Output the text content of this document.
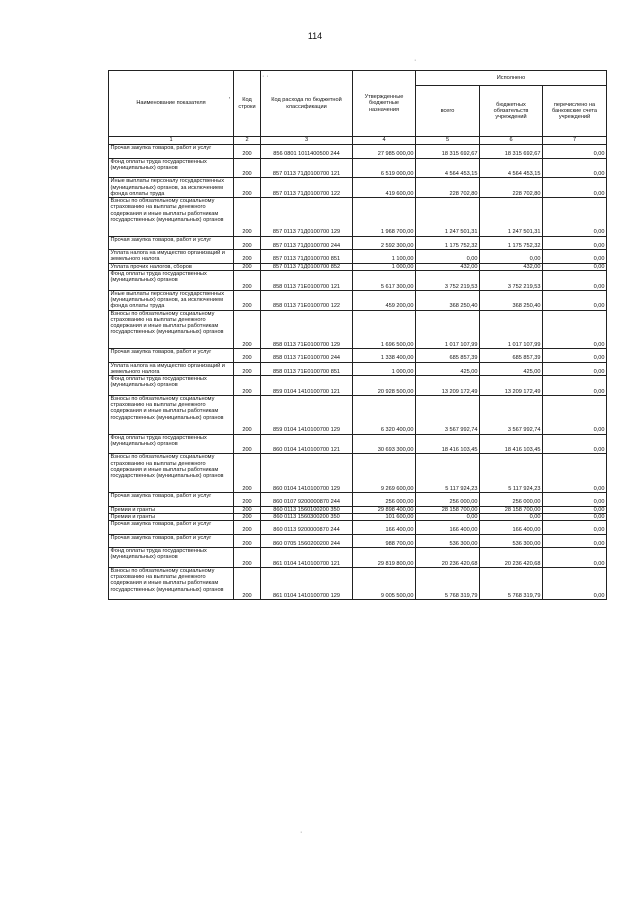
114
Наименование показателя	Код строки	Код расхода по бюджетной классификации	Утвержденные бюджетные назначения	Исполнено		
				всего	бюджетных обязательств учреждений	перечислено на банковские счета учреждений
1	2	3	4	5	6	7
Прочая закупка товаров, работ и услуг	200	856 0801 1011400500 244	27 985 000,00	18 315 692,67	18 315 692,67	0,00
Фонд оплаты труда государственных (муниципальных) органов	200	857 0113 71Д0100700 121	6 519 000,00	4 564 453,15	4 564 453,15	0,00
Иные выплаты персоналу государственных (муниципальных) органов, за исключением фонда оплаты труда	200	857 0113 71Д0100700 122	419 600,00	228 702,80	228 702,80	0,00
Взносы по обязательному социальному страхованию на выплаты денежного содержания и иные выплаты работникам государственных (муниципальных) органов	200	857 0113 71Д0100700 129	1 968 700,00	1 247 501,31	1 247 501,31	0,00
Прочая закупка товаров, работ и услуг	200	857 0113 71Д0100700 244	2 592 300,00	1 175 752,32	1 175 752,32	0,00
Уплата налога на имущество организаций и земельного налога	200	857 0113 71Д0100700 851	1 100,00	0,00	0,00	0,00
Уплата прочих налогов, сборов	200	857 0113 71Д0100700 852	1 000,00	432,00	432,00	0,00
Фонд оплаты труда государственных (муниципальных) органов	200	858 0113 71Е0100700 121	5 617 300,00	3 752 219,53	3 752 219,53	0,00
Иные выплаты персоналу государственных (муниципальных) органов, за исключением фонда оплаты труда	200	858 0113 71Е0100700 122	459 200,00	368 250,40	368 250,40	0,00
Взносы по обязательному социальному страхованию на выплаты денежного содержания и иные выплаты работникам государственных (муниципальных) органов	200	858 0113 71Е0100700 129	1 696 500,00	1 017 107,99	1 017 107,99	0,00
Прочая закупка товаров, работ и услуг	200	858 0113 71Е0100700 244	1 338 400,00	685 857,39	685 857,39	0,00
Уплата налога на имущество организаций и земельного налога	200	858 0113 71Е0100700 851	1 000,00	425,00	425,00	0,00
Фонд оплаты труда государственных (муниципальных) органов	200	859 0104 1410100700 121	20 928 500,00	13 209 172,49	13 209 172,49	0,00
Взносы по обязательному социальному страхованию на выплаты денежного содержания и иные выплаты работникам государственных (муниципальных) органов	200	859 0104 1410100700 129	6 320 400,00	3 567 992,74	3 567 992,74	0,00
Фонд оплаты труда государственных (муниципальных) органов	200	860 0104 1410100700 121	30 693 300,00	18 416 103,45	18 416 103,45	0,00
Взносы по обязательному социальному страхованию на выплаты денежного содержания и иные выплаты работникам государственных (муниципальных) органов	200	860 0104 1410100700 129	9 269 600,00	5 117 924,23	5 117 924,23	0,00
Прочая закупка товаров, работ и услуг	200	860 0107 9200000870 244	256 000,00	256 000,00	256 000,00	0,00
Премии и гранты	200	860 0113 1560100200 350	29 898 400,00	28 158 700,00	28 158 700,00	0,00
Премии и гранты	200	860 0113 1560300200 350	101 600,00	0,00	0,00	0,00
Прочая закупка товаров, работ и услуг	200	860 0113 9200000870 244	166 400,00	166 400,00	166 400,00	0,00
Прочая закупка товаров, работ и услуг	200	860 0705 1560200200 244	988 700,00	536 300,00	536 300,00	0,00
Фонд оплаты труда государственных (муниципальных) органов	200	861 0104 1410100700 121	29 819 800,00	20 236 420,68	20 236 420,68	0,00
Взносы по обязательному социальному страхованию на выплаты денежного содержания и иные выплаты работникам государственных (муниципальных) органов	200	861 0104 1410100700 129	9 005 500,00	5 768 319,79	5 768 319,79	0,00
· ·
'
·
·
